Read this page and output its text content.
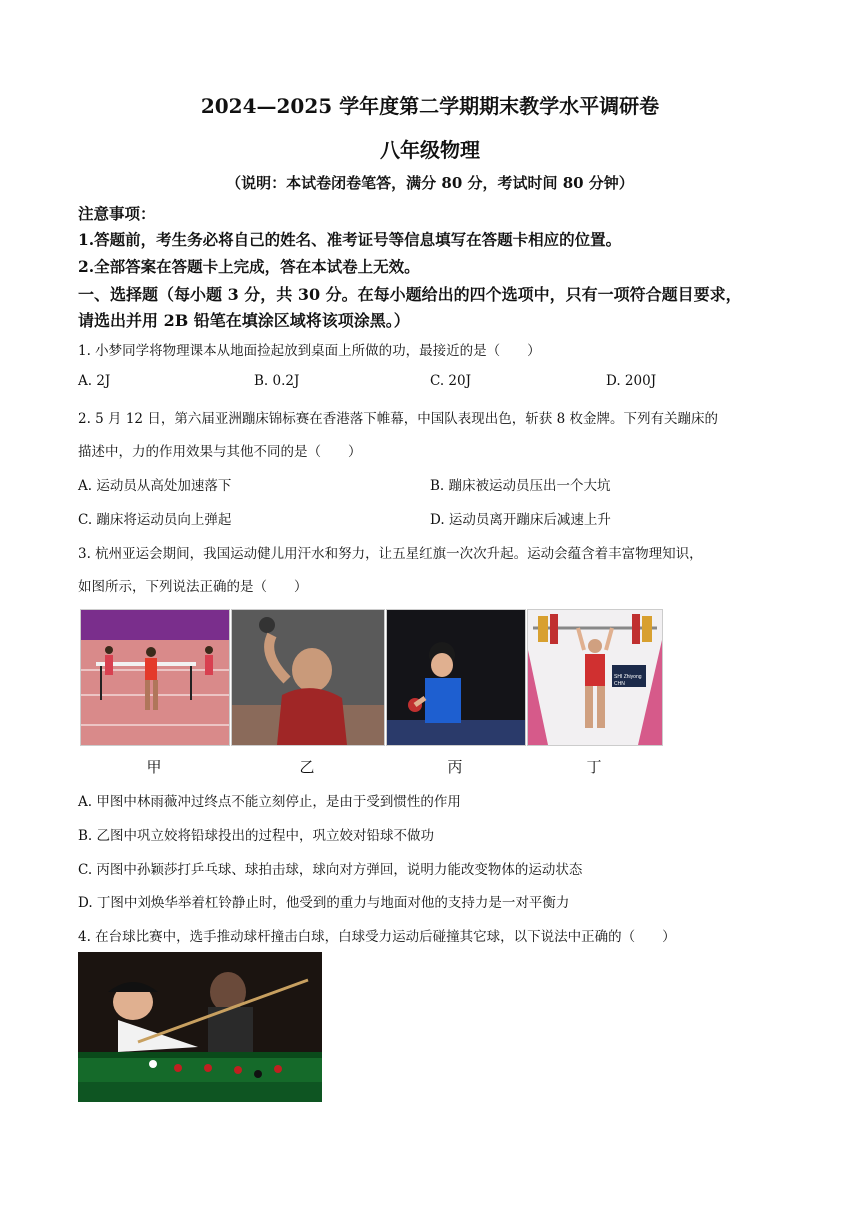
2024—2025 学年度第二学期期末教学水平调研卷
八年级物理
（说明：本试卷闭卷笔答，满分 80 分，考试时间 80 分钟）
注意事项：
1.答题前，考生务必将自己的姓名、准考证号等信息填写在答题卡相应的位置。
2.全部答案在答题卡上完成，答在本试卷上无效。
一、选择题（每小题 3 分，共 30 分。在每小题给出的四个选项中，只有一项符合题目要求，
请选出并用 2B 铅笔在填涂区域将该项涂黑。）
1. 小梦同学将物理课本从地面捡起放到桌面上所做的功，最接近的是（　　）
A. 2J	B. 0.2J	C. 20J	D. 200J
2. 5 月 12 日，第六届亚洲蹦床锦标赛在香港落下帷幕，中国队表现出色，斩获 8 枚金牌。下列有关蹦床的
描述中，力的作用效果与其他不同的是（　　）
A. 运动员从高处加速落下	B. 蹦床被运动员压出一个大坑
C. 蹦床将运动员向上弹起	D. 运动员离开蹦床后减速上升
3. 杭州亚运会期间，我国运动健儿用汗水和努力，让五星红旗一次次升起。运动会蕴含着丰富物理知识，
如图所示，下列说法正确的是（　　）
SHI Zhiyong
CHN
甲	乙	丙	丁
A. 甲图中林雨薇冲过终点不能立刻停止，是由于受到惯性的作用
B. 乙图中巩立姣将铅球投出的过程中，巩立姣对铅球不做功
C. 丙图中孙颖莎打乒乓球、球拍击球，球向对方弹回，说明力能改变物体的运动状态
D. 丁图中刘焕华举着杠铃静止时，他受到的重力与地面对他的支持力是一对平衡力
4. 在台球比赛中，选手推动球杆撞击白球，白球受力运动后碰撞其它球，以下说法中正确的（　　）
